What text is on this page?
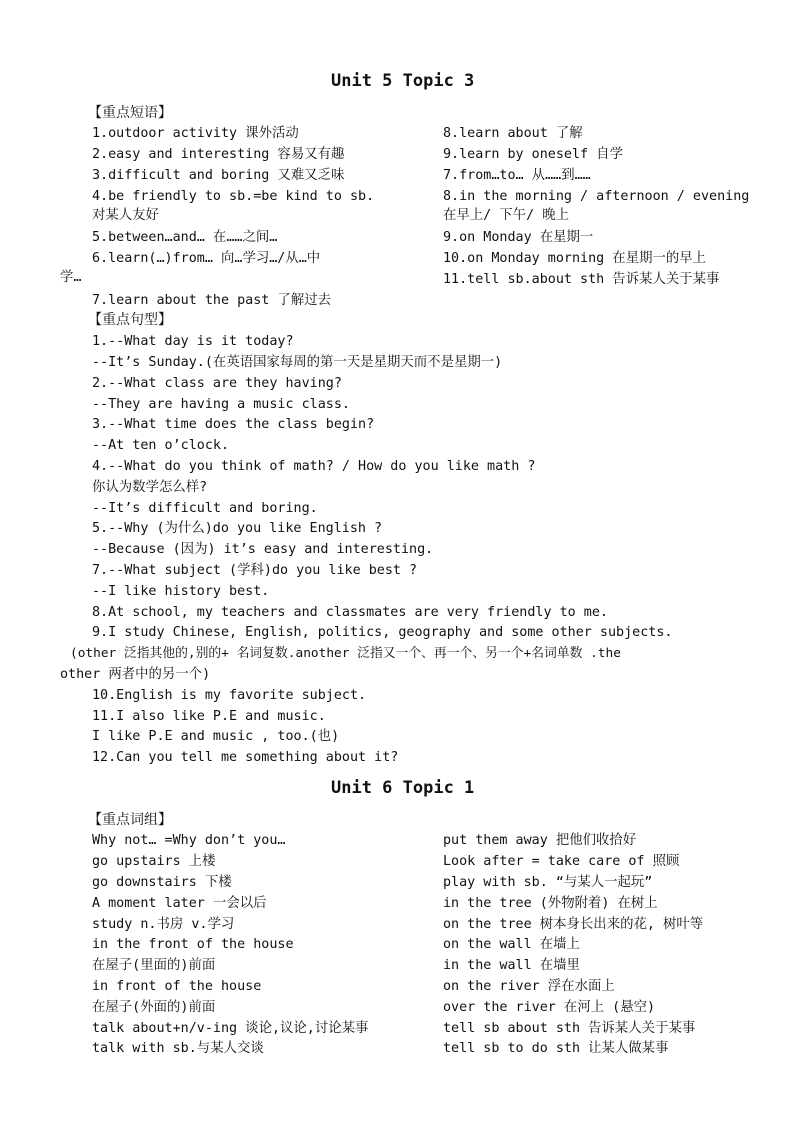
Unit 5 Topic 3
【重点短语】
1.outdoor activity 课外活动
2.easy and interesting 容易又有趣
3.difficult and boring 又难又乏味
4.be friendly to sb.=be kind to sb.
对某人友好
5.between…and… 在……之间…
6.learn(…)from… 向…学习…/从…中
学…
7.learn about the past 了解过去
8.learn about 了解
9.learn by oneself 自学
7.from…to… 从……到……
8.in the morning / afternoon / evening
在早上/ 下午/ 晚上
9.on Monday 在星期一
10.on Monday morning 在星期一的早上
11.tell sb.about sth 告诉某人关于某事
【重点句型】
1.--What day is it today?
--It’s Sunday.(在英语国家每周的第一天是星期天而不是星期一)
2.--What class are they having?
--They are having a music class.
3.--What time does the class begin?
--At ten o’clock.
4.--What do you think of math? / How do you like math ?
你认为数学怎么样?
--It’s difficult and boring.
5.--Why (为什么)do you like English ?
--Because (因为) it’s easy and interesting.
7.--What subject (学科)do you like best ?
--I like history best.
8.At school, my teachers and classmates are very friendly to me.
9.I study Chinese, English, politics, geography and some other subjects.
(other 泛指其他的,别的+ 名词复数.another 泛指又一个、再一个、另一个+名词单数 .the
other 两者中的另一个)
10.English is my favorite subject.
11.I also like P.E and music.
I like P.E and music , too.(也)
12.Can you tell me something about it?
Unit 6 Topic 1
【重点词组】
Why not… =Why don’t you…
go upstairs 上楼
go downstairs 下楼
A moment later 一会以后
study n.书房 v.学习
in the front of the house
在屋子(里面的)前面
in front of the house
在屋子(外面的)前面
talk about+n/v-ing 谈论,议论,讨论某事
talk with sb.与某人交谈
put them away 把他们收拾好
Look after = take care of 照顾
play with sb. “与某人一起玩”
in the tree (外物附着) 在树上
on the tree 树本身长出来的花, 树叶等
on the wall 在墙上
in the wall 在墙里
on the river 浮在水面上
over the river 在河上 (悬空)
tell sb about sth 告诉某人关于某事
tell sb to do sth 让某人做某事
